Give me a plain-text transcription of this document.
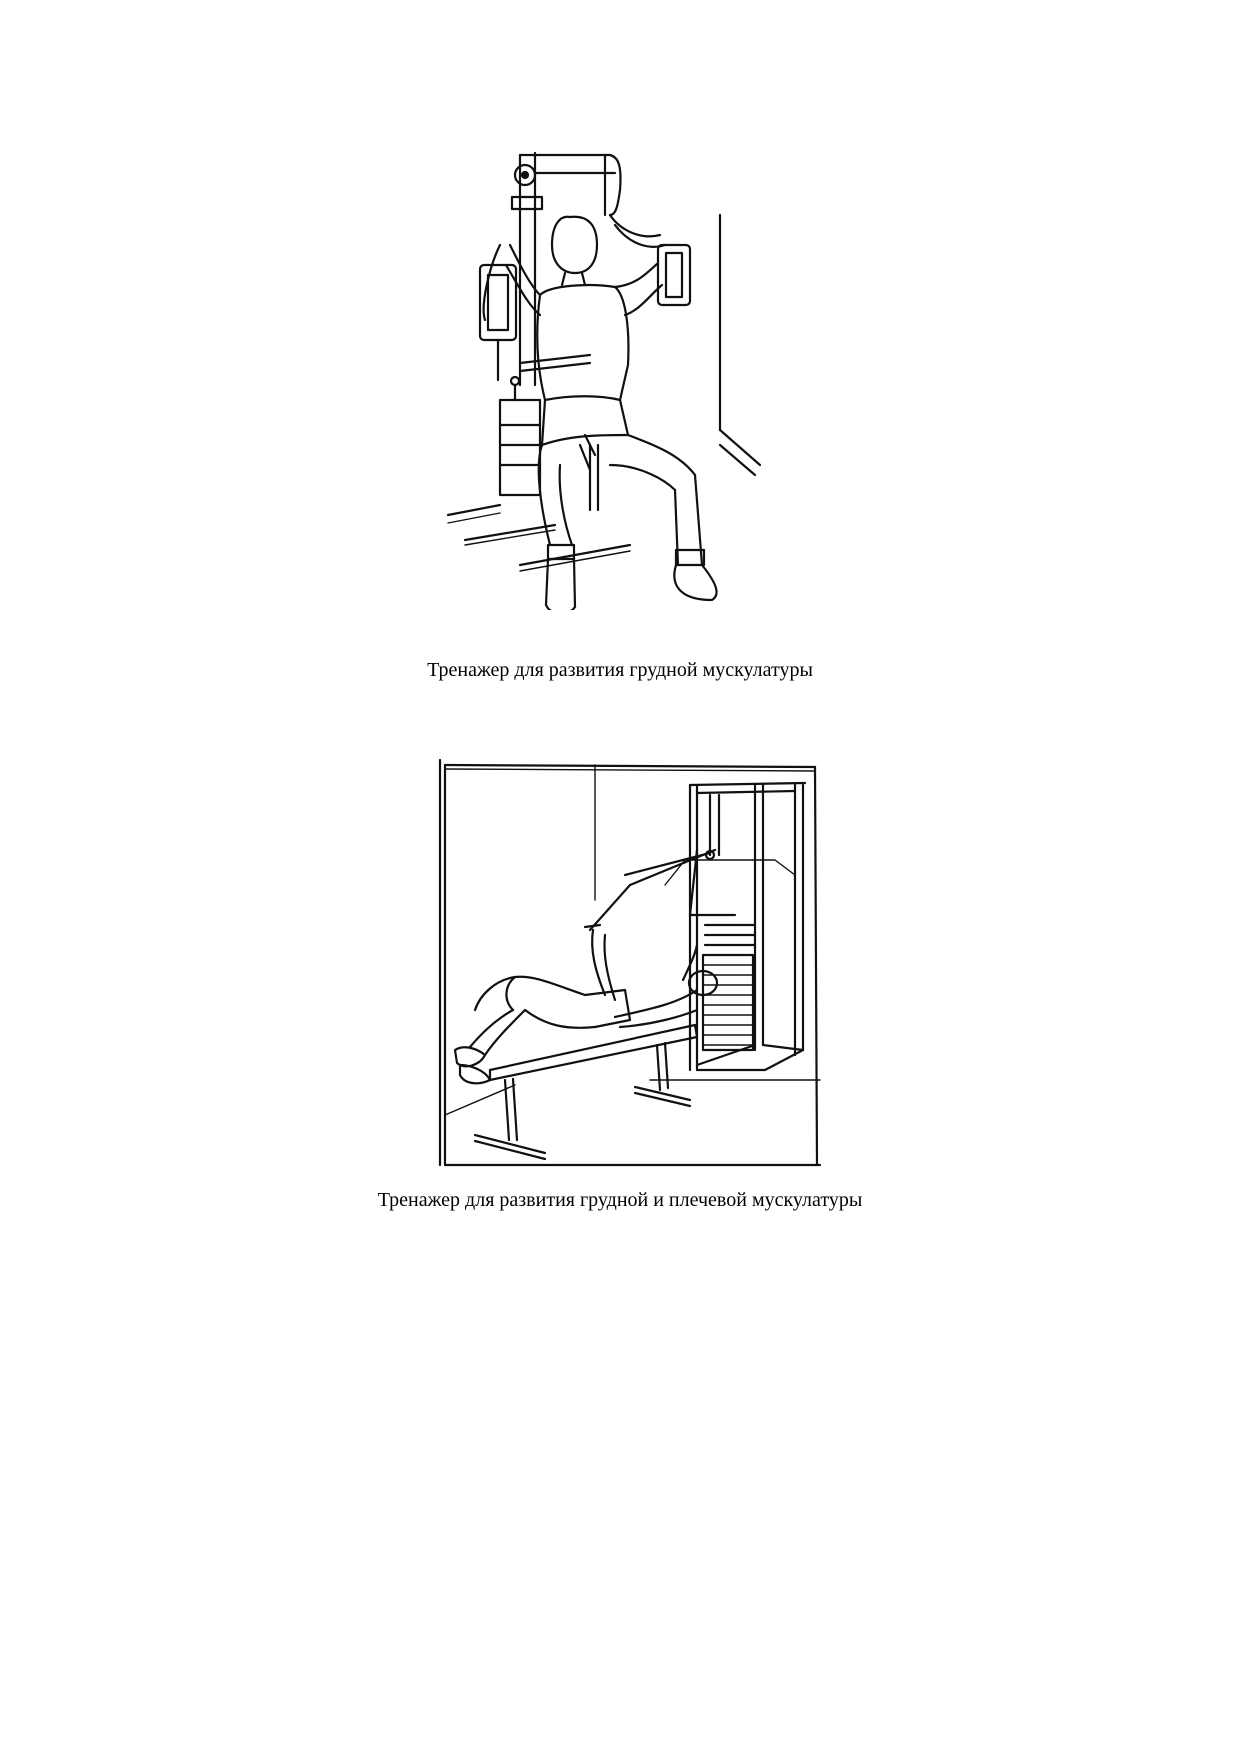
Тренажер для развития грудной мускулатуры
Тренажер для развития грудной и плечевой мускулатуры
